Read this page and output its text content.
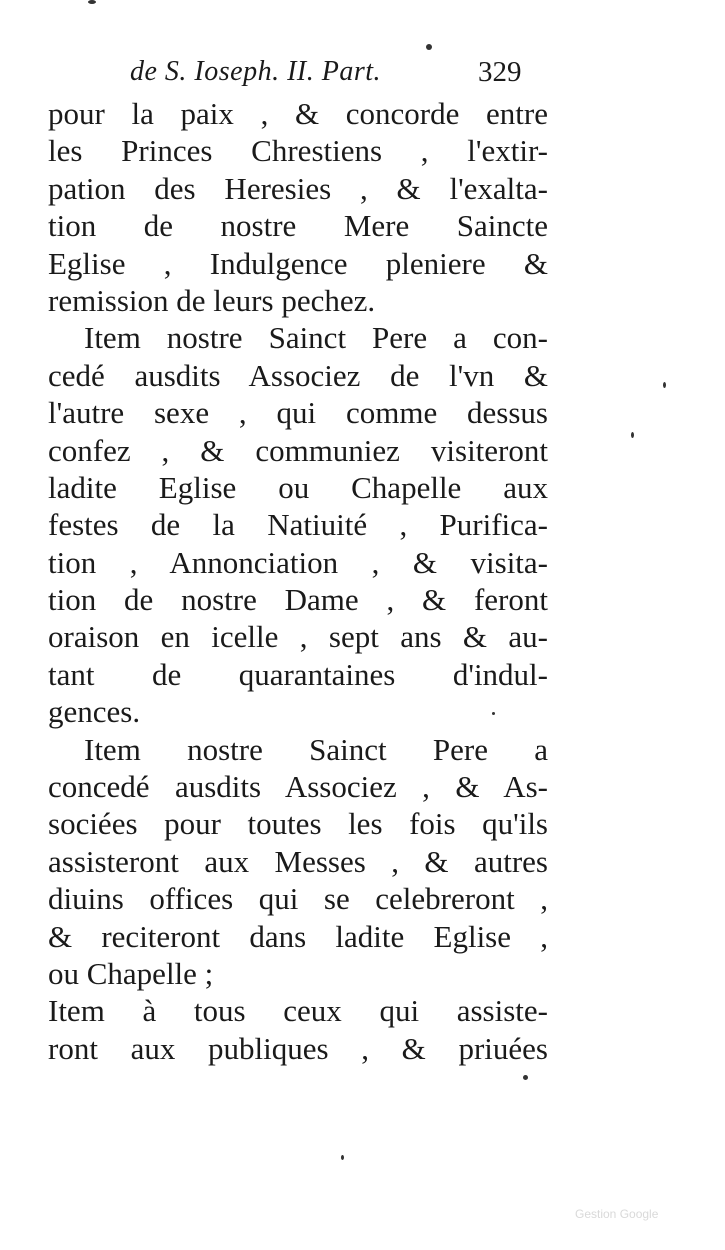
de S. Ioseph. II. Part.	329
pour la paix , & concorde entre
les Princes Chrestiens , l'extir-
pation des Heresies , & l'exalta-
tion de nostre Mere Saincte
Eglise , Indulgence pleniere &
remission de leurs pechez.
Item nostre Sainct Pere a con-
cedé ausdits Associez de l'vn &
l'autre sexe , qui comme dessus
confez , & communiez visiteront
ladite Eglise ou Chapelle aux
festes de la Natiuité , Purifica-
tion , Annonciation , & visita-
tion de nostre Dame , & feront
oraison en icelle , sept ans & au-
tant de quarantaines d'indul-
gences.
Item nostre Sainct Pere a
concedé ausdits Associez , & As-
sociées pour toutes les fois qu'ils
assisteront aux Messes , & autres
diuins offices qui se celebreront ,
& reciteront dans ladite Eglise ,
ou Chapelle ;
Item à tous ceux qui assiste-
ront aux publiques , & priuées
Gestion Google
